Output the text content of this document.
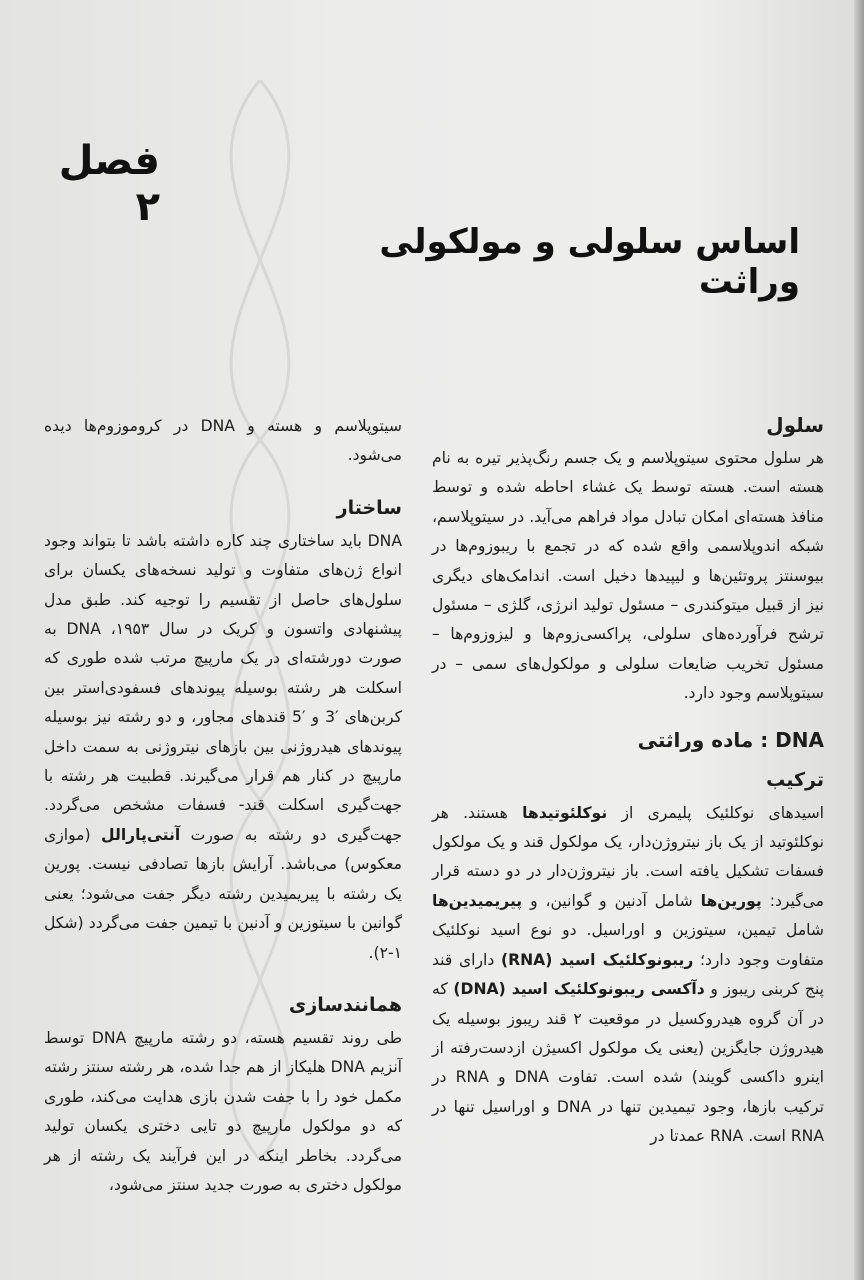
فصل ۲
اساس سلولی و مولکولی وراثت
سلول

هر سلول محتوی سیتوپلاسم و یک جسم رنگ‌پذیر تیره به نام هسته است. هسته توسط یک غشاء احاطه شده و توسط منافذ هسته‌ای امکان تبادل مواد فراهم می‌آید. در سیتوپلاسم، شبکه اندوپلاسمی واقع شده که در تجمع با ریبوزوم‌ها در بیوسنتز پروتئین‌ها و لیپیدها دخیل است. اندامک‌های دیگری نیز از قبیل میتوکندری – مسئول تولید انرژی، گلژی – مسئول ترشح فرآورده‌های سلولی، پراکسی‌زوم‌ها و لیزوزوم‌ها – مسئول تخریب ضایعات سلولی و مولکول‌های سمی – در سیتوپلاسم وجود دارد.

DNA : ماده وراثتی
ترکیب

اسیدهای نوکلئیک پلیمری از نوکلئوتیدها هستند. هر نوکلئوتید از یک باز نیتروژن‌دار، یک مولکول قند و یک مولکول فسفات تشکیل یافته است. باز نیتروژن‌دار در دو دسته قرار می‌گیرد: پورین‌ها شامل آدنین و گوانین، و پیریمیدین‌ها شامل تیمین، سیتوزین و اوراسیل. دو نوع اسید نوکلئیک متفاوت وجود دارد؛ ریبونوکلئیک اسید (RNA) دارای قند پنج کربنی ریبوز و دآکسی ریبونوکلئیک اسید (DNA) که در آن گروه هیدروکسیل در موقعیت ۲ قند ریبوز بوسیله یک هیدروژن جایگزین (یعنی یک مولکول اکسیژن ازدست‌رفته از اینرو داکسی گویند) شده است. تفاوت DNA و RNA در ترکیب بازها، وجود تیمیدین تنها در DNA و اوراسیل تنها در RNA است. RNA عمدتا در

سیتوپلاسم و هسته و DNA در کروموزوم‌ها دیده می‌شود.

ساختار

DNA باید ساختاری چند کاره داشته باشد تا بتواند وجود انواع ژن‌های متفاوت و تولید نسخه‌های یکسان برای سلول‌های حاصل از تقسیم را توجیه کند. طبق مدل پیشنهادی واتسون و کریک در سال ۱۹۵۳، DNA به صورت دورشته‌ای در یک مارپیچ مرتب شده طوری که اسکلت هر رشته بوسیله پیوندهای فسفودی‌استر بین کربن‌های ′3 و ′5 قندهای مجاور، و دو رشته نیز بوسیله پیوندهای هیدروژنی بین بازهای نیتروژنی به سمت داخل مارپیچ در کنار هم قرار می‌گیرند. قطبیت هر رشته با جهت‌گیری اسکلت قند- فسفات مشخص می‌گردد. جهت‌گیری دو رشته به صورت آنتی‌پارالل (موازی معکوس) می‌باشد. آرایش بازها تصادفی نیست. پورین یک رشته با پیریمیدین رشته دیگر جفت می‌شود؛ یعنی گوانین با سیتوزین و آدنین با تیمین جفت می‌گردد (شکل ۱-۲).

همانندسازی

طی روند تقسیم هسته، دو رشته مارپیچ DNA توسط آنزیم DNA هلیکاز از هم جدا شده، هر رشته سنتز رشته مکمل خود را با جفت شدن بازی هدایت می‌کند، طوری که دو مولکول مارپیچ دو تایی دختری یکسان تولید می‌گردد. بخاطر اینکه در این فرآیند یک رشته از هر مولکول دختری به صورت جدید سنتز می‌شود،
